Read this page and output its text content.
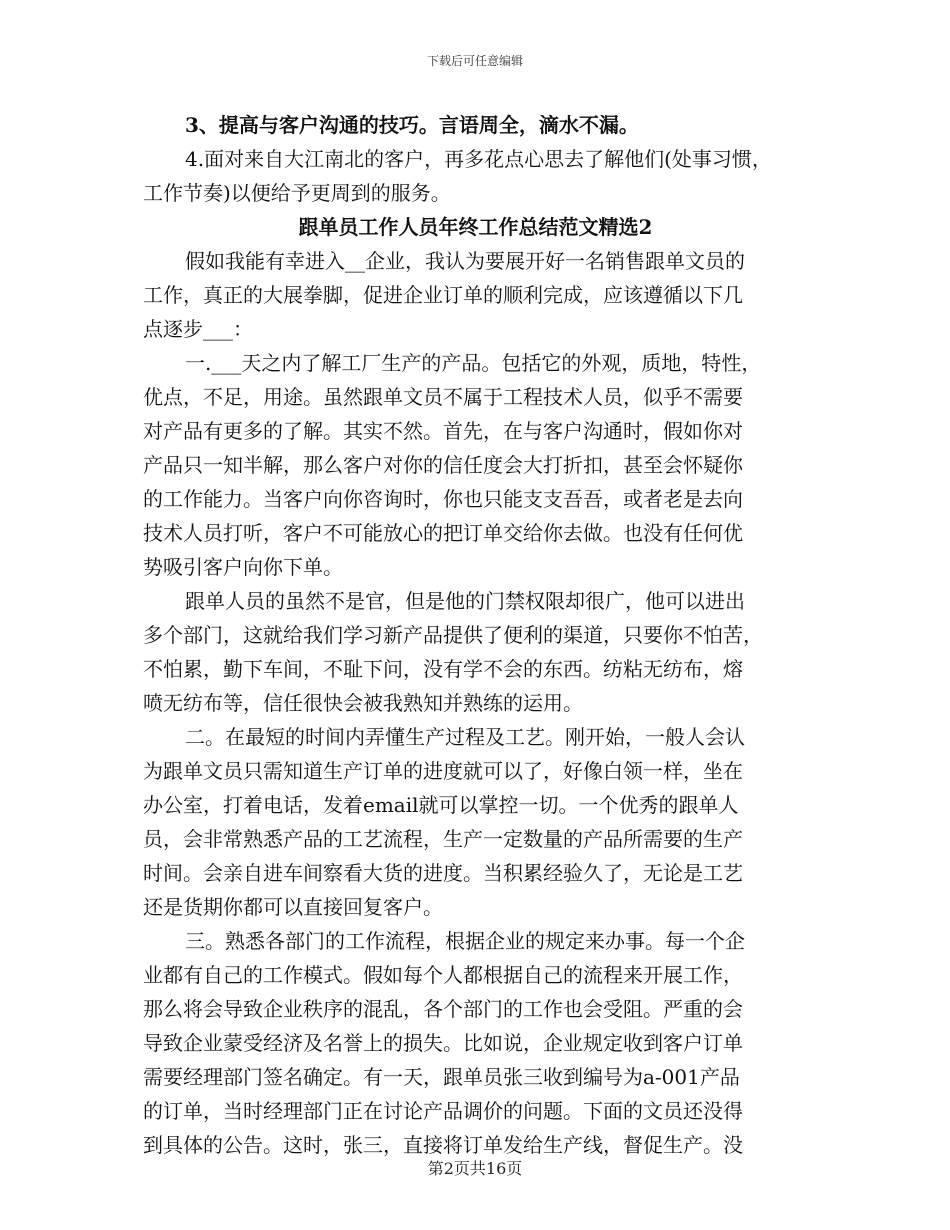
下载后可任意编辑
3、提高与客户沟通的技巧。言语周全，滴水不漏。
4.面对来自大江南北的客户，再多花点心思去了解他们(处事习惯，
工作节奏)以便给予更周到的服务。
跟单员工作人员年终工作总结范文精选2
假如我能有幸进入__企业，我认为要展开好一名销售跟单文员的
工作，真正的大展拳脚，促进企业订单的顺利完成，应该遵循以下几
点逐步___：
一.___天之内了解工厂生产的产品。包括它的外观，质地，特性，
优点，不足，用途。虽然跟单文员不属于工程技术人员，似乎不需要
对产品有更多的了解。其实不然。首先，在与客户沟通时，假如你对
产品只一知半解，那么客户对你的信任度会大打折扣，甚至会怀疑你
的工作能力。当客户向你咨询时，你也只能支支吾吾，或者老是去向
技术人员打听，客户不可能放心的把订单交给你去做。也没有任何优
势吸引客户向你下单。
跟单人员的虽然不是官，但是他的门禁权限却很广，他可以进出
多个部门，这就给我们学习新产品提供了便利的渠道，只要你不怕苦，
不怕累，勤下车间，不耻下问，没有学不会的东西。纺粘无纺布，熔
喷无纺布等，信任很快会被我熟知并熟练的运用。
二。在最短的时间内弄懂生产过程及工艺。刚开始，一般人会认
为跟单文员只需知道生产订单的进度就可以了，好像白领一样，坐在
办公室，打着电话，发着email就可以掌控一切。一个优秀的跟单人
员，会非常熟悉产品的工艺流程，生产一定数量的产品所需要的生产
时间。会亲自进车间察看大货的进度。当积累经验久了，无论是工艺
还是货期你都可以直接回复客户。
三。熟悉各部门的工作流程，根据企业的规定来办事。每一个企
业都有自己的工作模式。假如每个人都根据自己的流程来开展工作，
那么将会导致企业秩序的混乱，各个部门的工作也会受阻。严重的会
导致企业蒙受经济及名誉上的损失。比如说，企业规定收到客户订单
需要经理部门签名确定。有一天，跟单员张三收到编号为a-001产品
的订单，当时经理部门正在讨论产品调价的问题。下面的文员还没得
到具体的公告。这时，张三，直接将订单发给生产线，督促生产。没
第2页共16页
